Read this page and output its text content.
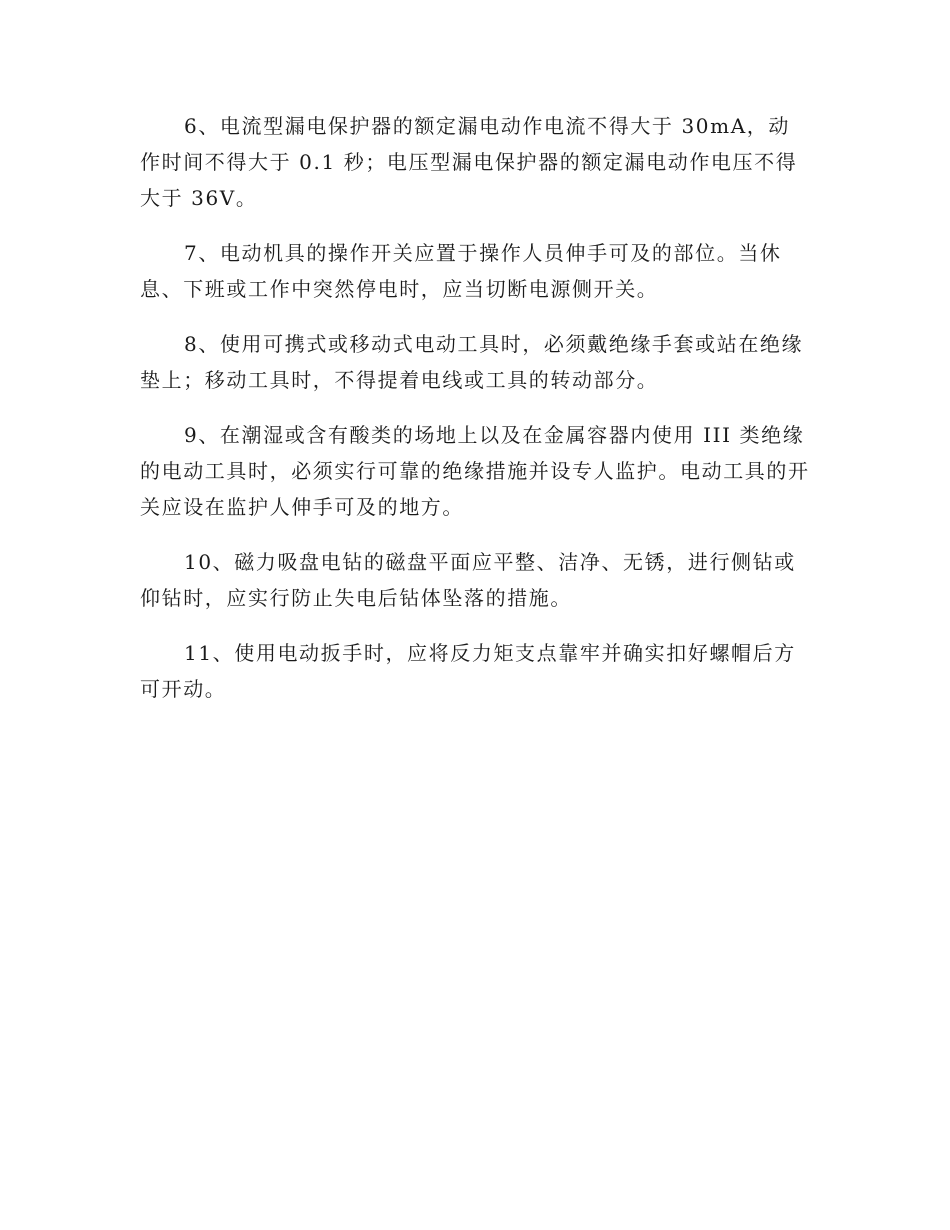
6、电流型漏电保护器的额定漏电动作电流不得大于 30mA，动作时间不得大于 0.1 秒；电压型漏电保护器的额定漏电动作电压不得大于 36V。

7、电动机具的操作开关应置于操作人员伸手可及的部位。当休息、下班或工作中突然停电时，应当切断电源侧开关。

8、使用可携式或移动式电动工具时，必须戴绝缘手套或站在绝缘垫上；移动工具时，不得提着电线或工具的转动部分。

9、在潮湿或含有酸类的场地上以及在金属容器内使用 III 类绝缘的电动工具时，必须实行可靠的绝缘措施并设专人监护。电动工具的开关应设在监护人伸手可及的地方。

10、磁力吸盘电钻的磁盘平面应平整、洁净、无锈，进行侧钻或仰钻时，应实行防止失电后钻体坠落的措施。

11、使用电动扳手时，应将反力矩支点靠牢并确实扣好螺帽后方可开动。
